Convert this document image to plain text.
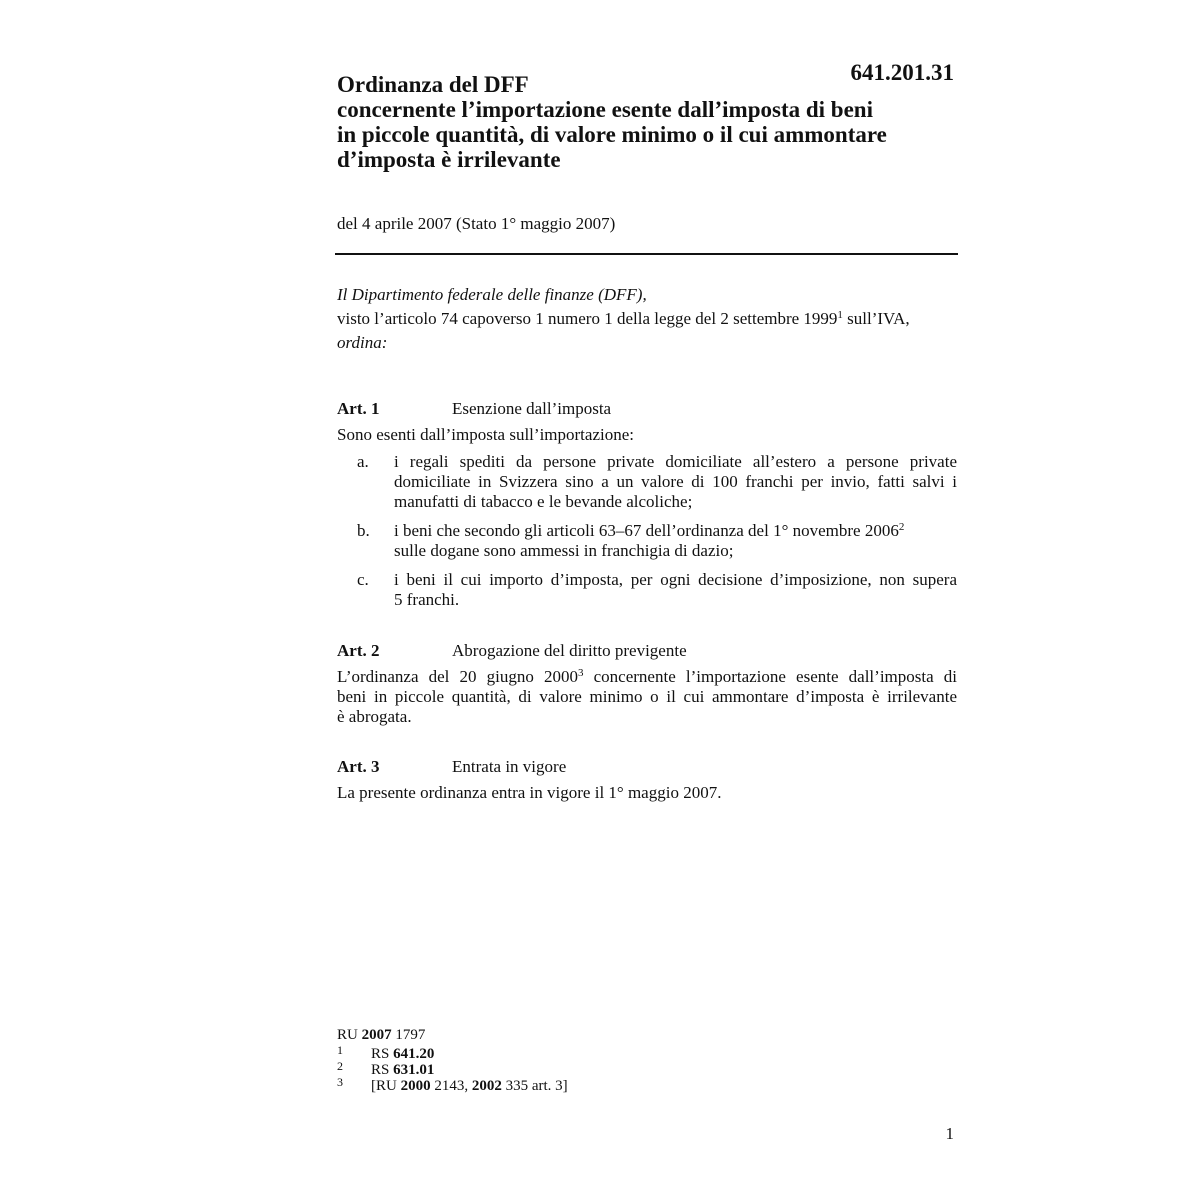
641.201.31
Ordinanza del DFF
concernente l’importazione esente dall’imposta di beni
in piccole quantità, di valore minimo o il cui ammontare
d’imposta è irrilevante
del 4 aprile 2007 (Stato 1° maggio 2007)
Il Dipartimento federale delle finanze (DFF),
visto l’articolo 74 capoverso 1 numero 1 della legge del 2 settembre 1999$^1$ sull’IVA,
ordina:
Art. 1	Esenzione dall’imposta
Sono esenti dall’imposta sull’importazione:
a. i regali spediti da persone private domiciliate all’estero a persone private
domiciliate in Svizzera sino a un valore di 100 franchi per invio, fatti salvi i
manufatti di tabacco e le bevande alcoliche;
b. i beni che secondo gli articoli 63–67 dell’ordinanza del 1° novembre 2006$^2$
sulle dogane sono ammessi in franchigia di dazio;
c. i beni il cui importo d’imposta, per ogni decisione d’imposizione, non supera
5 franchi.
Art. 2	Abrogazione del diritto previgente
L’ordinanza del 20 giugno 2000$^3$ concernente l’importazione esente dall’imposta di
beni in piccole quantità, di valore minimo o il cui ammontare d’imposta è irrilevante
è abrogata.
Art. 3	Entrata in vigore
La presente ordinanza entra in vigore il 1° maggio 2007.
RU 2007 1797
1 RS 641.20
2 RS 631.01
3 [RU 2000 2143, 2002 335 art. 3]
1
